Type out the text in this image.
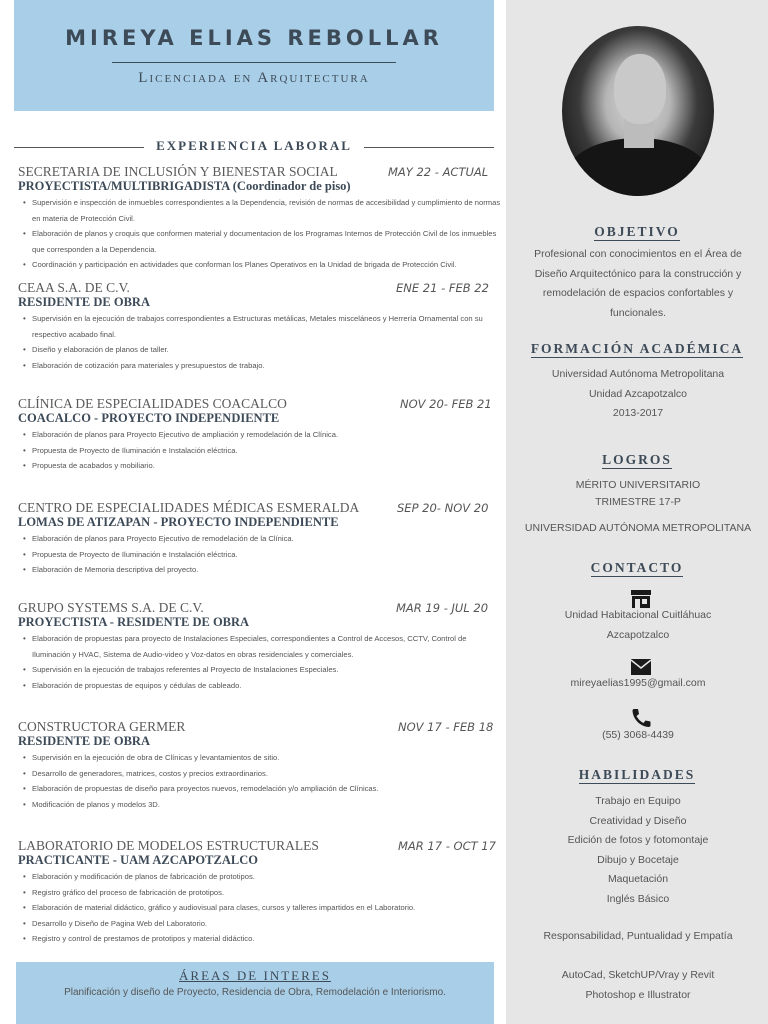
MIREYA ELIAS REBOLLAR
Licenciada en Arquitectura
EXPERIENCIA LABORAL
SECRETARIA DE INCLUSIÓN Y BIENESTAR SOCIAL	MAY 22 - ACTUAL
PROYECTISTA/MULTIBRIGADISTA (Coordinador de piso)
• Supervisión e inspección de inmuebles correspondientes a la Dependencia, revisión de normas de accesibilidad y cumplimiento de normas en materia de Protección Civil.
• Elaboración de planos y croquis que conformen material y documentacion de los Programas Internos de Protección Civil de los inmuebles que corresponden a la Dependencia.
• Coordinación y participación en actividades que conforman los Planes Operativos en la Unidad de brigada de Protección Civil.
CEAA S.A. DE C.V.	ENE 21 - FEB 22
RESIDENTE DE OBRA
• Supervisión en la ejecución de trabajos correspondientes a Estructuras metálicas, Metales misceláneos y Herrería Ornamental con su respectivo acabado final.
• Diseño y elaboración de planos de taller.
• Elaboración de cotización para materiales y presupuestos de trabajo.
CLÍNICA DE ESPECIALIDADES COACALCO	NOV 20- FEB 21
COACALCO - PROYECTO INDEPENDIENTE
• Elaboración de planos para Proyecto Ejecutivo de ampliación y remodelación de la Clínica.
• Propuesta de Proyecto de Iluminación e Instalación eléctrica.
• Propuesta de acabados y mobiliario.
CENTRO DE ESPECIALIDADES MÉDICAS ESMERALDA	SEP 20- NOV 20
LOMAS DE ATIZAPAN - PROYECTO INDEPENDIENTE
• Elaboración de planos para Proyecto Ejecutivo de remodelación de la Clínica.
• Propuesta de Proyecto de Iluminación e Instalación eléctrica.
• Elaboración de Memoria descriptiva del proyecto.
GRUPO SYSTEMS S.A. DE C.V.	MAR 19 - JUL 20
PROYECTISTA - RESIDENTE DE OBRA
• Elaboración de propuestas para proyecto de Instalaciones Especiales, correspondientes a Control de Accesos, CCTV, Control de Iluminación y HVAC, Sistema de Audio-video y Voz-datos en obras residenciales y comerciales.
• Supervisión en la ejecución de trabajos referentes al Proyecto de Instalaciones Especiales.
• Elaboración de propuestas de equipos y cédulas de cableado.
CONSTRUCTORA GERMER	NOV 17 - FEB 18
RESIDENTE DE OBRA
• Supervisión en la ejecución de obra de Clínicas y levantamientos de sitio.
• Desarrollo de generadores, matrices, costos y precios extraordinarios.
• Elaboración de propuestas de diseño para proyectos nuevos, remodelación y/o ampliación de Clínicas.
• Modificación de planos y modelos 3D.
LABORATORIO DE MODELOS ESTRUCTURALES	MAR 17 - OCT 17
PRACTICANTE - UAM AZCAPOTZALCO
• Elaboración y modificación de planos de fabricación de prototipos.
• Registro gráfico del proceso de fabricación de prototipos.
• Elaboración de material didáctico, gráfico y audiovisual para clases, cursos y talleres impartidos en el Laboratorio.
• Desarrollo y Diseño de Pagina Web del Laboratorio.
• Registro y control de prestamos de prototipos y material didáctico.
ÁREAS DE INTERES
Planificación y diseño de Proyecto, Residencia de Obra, Remodelación e Interiorismo.
OBJETIVO
Profesional con conocimientos en el Área de Diseño Arquitectónico para la construcción y remodelación de espacios confortables y funcionales.
FORMACIÓN ACADÉMICA
Universidad Autónoma Metropolitana
Unidad Azcapotzalco
2013-2017
LOGROS
MÉRITO UNIVERSITARIO
TRIMESTRE 17-P
UNIVERSIDAD AUTÓNOMA METROPOLITANA
CONTACTO
Unidad Habitacional Cuitláhuac
Azcapotzalco
mireyaelias1995@gmail.com
(55) 3068-4439
HABILIDADES
Trabajo en Equipo
Creatividad y Diseño
Edición de fotos y fotomontaje
Dibujo y Bocetaje
Maquetación
Inglés Básico
Responsabilidad, Puntualidad y Empatía
AutoCad, SketchUP/Vray y Revit
Photoshop e Illustrator
